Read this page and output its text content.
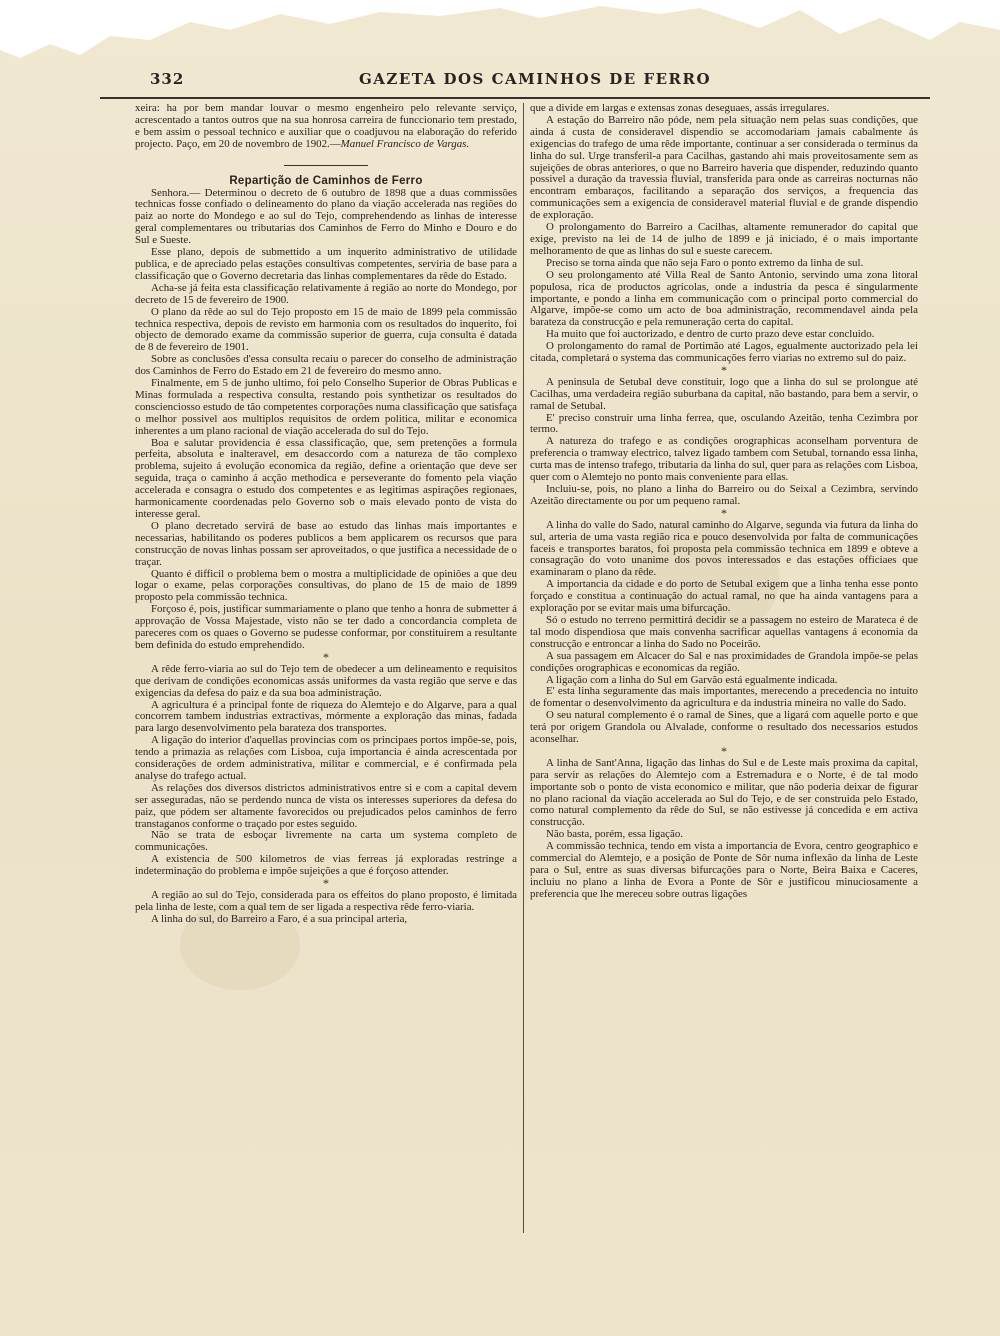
332	GAZETA DOS CAMINHOS DE FERRO

xeira: ha por bem mandar louvar o mesmo engenheiro pelo relevante serviço, acrescentado a tantos outros que na sua honrosa carreira de funccionario tem prestado, e bem assim o pessoal technico e auxiliar que o coadjuvou na elaboração do referido projecto. Paço, em 20 de novembro de 1902.—Manuel Francisco de Vargas.

Repartição de Caminhos de Ferro

Senhora.— Determinou o decreto de 6 outubro de 1898 que a duas commissões technicas fosse confiado o delineamento do plano da viação accelerada nas regiões do paiz ao norte do Mondego e ao sul do Tejo, comprehendendo as linhas de interesse geral complementares ou tributarias dos Caminhos de Ferro do Minho e Douro e do Sul e Sueste.

Esse plano, depois de submettido a um inquerito administrativo de utilidade publica, e de apreciado pelas estações consultivas competentes, serviria de base para a classificação que o Governo decretaria das linhas complementares da rêde do Estado.

Acha-se já feita esta classificação relativamente á região ao norte do Mondego, por decreto de 15 de fevereiro de 1900.

O plano da rêde ao sul do Tejo proposto em 15 de maio de 1899 pela commissão technica respectiva, depois de revisto em harmonia com os resultados do inquerito, foi objecto de demorado exame da commissão superior de guerra, cuja consulta é datada de 8 de fevereiro de 1901.

Sobre as conclusões d'essa consulta recaiu o parecer do conselho de administração dos Caminhos de Ferro do Estado em 21 de fevereiro do mesmo anno.

Finalmente, em 5 de junho ultimo, foi pelo Conselho Superior de Obras Publicas e Minas formulada a respectiva consulta, restando pois synthetizar os resultados do conscienciosso estudo de tão competentes corporações numa classificação que satisfaça o melhor possivel aos multiplos requisitos de ordem politica, militar e economica inherentes a um plano racional de viação accelerada do sul do Tejo.

Boa e salutar providencia é essa classificação, que, sem pretenções a formula perfeita, absoluta e inalteravel, em desaccordo com a natureza de tão complexo problema, sujeito á evolução economica da região, define a orientação que deve ser seguida, traça o caminho á acção methodica e perseverante do fomento pela viação accelerada e consagra o estudo dos competentes e as legitimas aspirações regionaes, harmonicamente coordenadas pelo Governo sob o mais elevado ponto de vista do interesse geral.

O plano decretado servirá de base ao estudo das linhas mais importantes e necessarias, habilitando os poderes publicos a bem applicarem os recursos que para construcção de novas linhas possam ser aproveitados, o que justifica a necessidade de o traçar.

Quanto é difficil o problema bem o mostra a multiplicidade de opiniões a que deu logar o exame, pelas corporações consultivas, do plano de 15 de maio de 1899 proposto pela commissão technica.

Forçoso é, pois, justificar summariamente o plano que tenho a honra de submetter á approvação de Vossa Majestade, visto não se ter dado a concordancia completa de pareceres com os quaes o Governo se pudesse conformar, por constituirem a resultante bem definida do estudo emprehendido.

*

A rêde ferro-viaria ao sul do Tejo tem de obedecer a um delineamento e requisitos que derivam de condições economicas assás uniformes da vasta região que serve e das exigencias da defesa do paiz e da sua boa administração.

A agricultura é a principal fonte de riqueza do Alemtejo e do Algarve, para a qual concorrem tambem industrias extractivas, mórmente a exploração das minas, fadada para largo desenvolvimento pela barateza dos transportes.

A ligação do interior d'aquellas provincias com os principaes portos impõe-se, pois, tendo a primazia as relações com Lisboa, cuja importancia é ainda acrescentada por considerações de ordem administrativa, militar e commercial, e é confirmada pela analyse do trafego actual.

As relações dos diversos districtos administrativos entre si e com a capital devem ser asseguradas, não se perdendo nunca de vista os interesses superiores da defesa do paiz, que pódem ser altamente favorecidos ou prejudicados pelos caminhos de ferro transtaganos conforme o traçado por estes seguido.

Não se trata de esboçar livremente na carta um systema completo de communicações.

A existencia de 500 kilometros de vias ferreas já exploradas restringe a indeterminação do problema e impõe sujeições a que é forçoso attender.

*

A região ao sul do Tejo, considerada para os effeitos do plano proposto, é limitada pela linha de leste, com a qual tem de ser ligada a respectiva rêde ferro-viaria.

A linha do sul, do Barreiro a Faro, é a sua principal arteria,

que a divide em largas e extensas zonas deseguaes, assás irregulares.

A estação do Barreiro não póde, nem pela situação nem pelas suas condições, que ainda á custa de consideravel dispendio se accomodariam jamais cabalmente ás exigencias do trafego de uma rêde importante, continuar a ser considerada o terminus da linha do sul. Urge transferil-a para Cacilhas, gastando ahi mais proveitosamente sem as sujeições de obras anteriores, o que no Barreiro haveria que dispender, reduzindo quanto possivel a duração da travessia fluvial, transferida para onde as carreiras nocturnas não encontram embaraços, facilitando a separação dos serviços, a frequencia das communicações sem a exigencia de consideravel material fluvial e de grande dispendio de exploração.

O prolongamento do Barreiro a Cacilhas, altamente remunerador do capital que exige, previsto na lei de 14 de julho de 1899 e já iniciado, é o mais importante melhoramento de que as linhas do sul e sueste carecem.

Preciso se torna ainda que não seja Faro o ponto extremo da linha de sul.

O seu prolongamento até Villa Real de Santo Antonio, servindo uma zona litoral populosa, rica de productos agricolas, onde a industria da pesca é singularmente importante, e pondo a linha em communicação com o principal porto commercial do Algarve, impõe-se como um acto de boa administração, recommendavel ainda pela barateza da construcção e pela remuneração certa do capital.

Ha muito que foi auctorizado, e dentro de curto prazo deve estar concluido.

O prolongamento do ramal de Portimão até Lagos, egualmente auctorizado pela lei citada, completará o systema das communicações ferro viarias no extremo sul do paiz.

*

A peninsula de Setubal deve constituir, logo que a linha do sul se prolongue até Cacilhas, uma verdadeira região suburbana da capital, não bastando, para bem a servir, o ramal de Setubal.

E' preciso construir uma linha ferrea, que, osculando Azeitão, tenha Cezimbra por termo.

A natureza do trafego e as condições orographicas aconselham porventura de preferencia o tramway electrico, talvez ligado tambem com Setubal, tornando essa linha, curta mas de intenso trafego, tributaria da linha do sul, quer para as relações com Lisboa, quer com o Alemtejo no ponto mais conveniente para ellas.

Incluiu-se, pois, no plano a linha do Barreiro ou do Seixal a Cezimbra, servindo Azeitão directamente ou por um pequeno ramal.

*

A linha do valle do Sado, natural caminho do Algarve, segunda via futura da linha do sul, arteria de uma vasta região rica e pouco desenvolvida por falta de communicações faceis e transportes baratos, foi proposta pela commissão technica em 1899 e obteve a consagração do voto unanime dos povos interessados e das estações officiaes que examinaram o plano da rêde.

A importancia da cidade e do porto de Setubal exigem que a linha tenha esse ponto forçado e constitua a continuação do actual ramal, no que ha ainda vantagens para a exploração por se evitar mais uma bifurcação.

Só o estudo no terreno permittirá decidir se a passagem no esteiro de Marateca é de tal modo dispendiosa que mais convenha sacrificar aquellas vantagens á economia da construcção e entroncar a linha do Sado no Poceirão.

A sua passagem em Alcacer do Sal e nas proximidades de Grandola impõe-se pelas condições orographicas e economicas da região.

A ligação com a linha do Sul em Garvão está egualmente indicada.

E' esta linha seguramente das mais importantes, merecendo a precedencia no intuito de fomentar o desenvolvimento da agricultura e da industria mineira no valle do Sado.

O seu natural complemento é o ramal de Sines, que a ligará com aquelle porto e que terá por origem Grandola ou Alvalade, conforme o resultado dos necessarios estudos aconselhar.

*

A linha de Sant'Anna, ligação das linhas do Sul e de Leste mais proxima da capital, para servir as relações do Alemtejo com a Estremadura e o Norte, é de tal modo importante sob o ponto de vista economico e militar, que não poderia deixar de figurar no plano racional da viação accelerada ao Sul do Tejo, e de ser construida pelo Estado, como natural complemento da rêde do Sul, se não estivesse já concedida e em activa construcção.

Não basta, porém, essa ligação.

A commissão technica, tendo em vista a importancia de Evora, centro geographico e commercial do Alemtejo, e a posição de Ponte de Sôr numa inflexão da linha de Leste para o Sul, entre as suas diversas bifurcações para o Norte, Beira Baixa e Caceres, incluiu no plano a linha de Evora a Ponte de Sôr e justificou minuciosamente a preferencia que lhe mereceu sobre outras ligações
